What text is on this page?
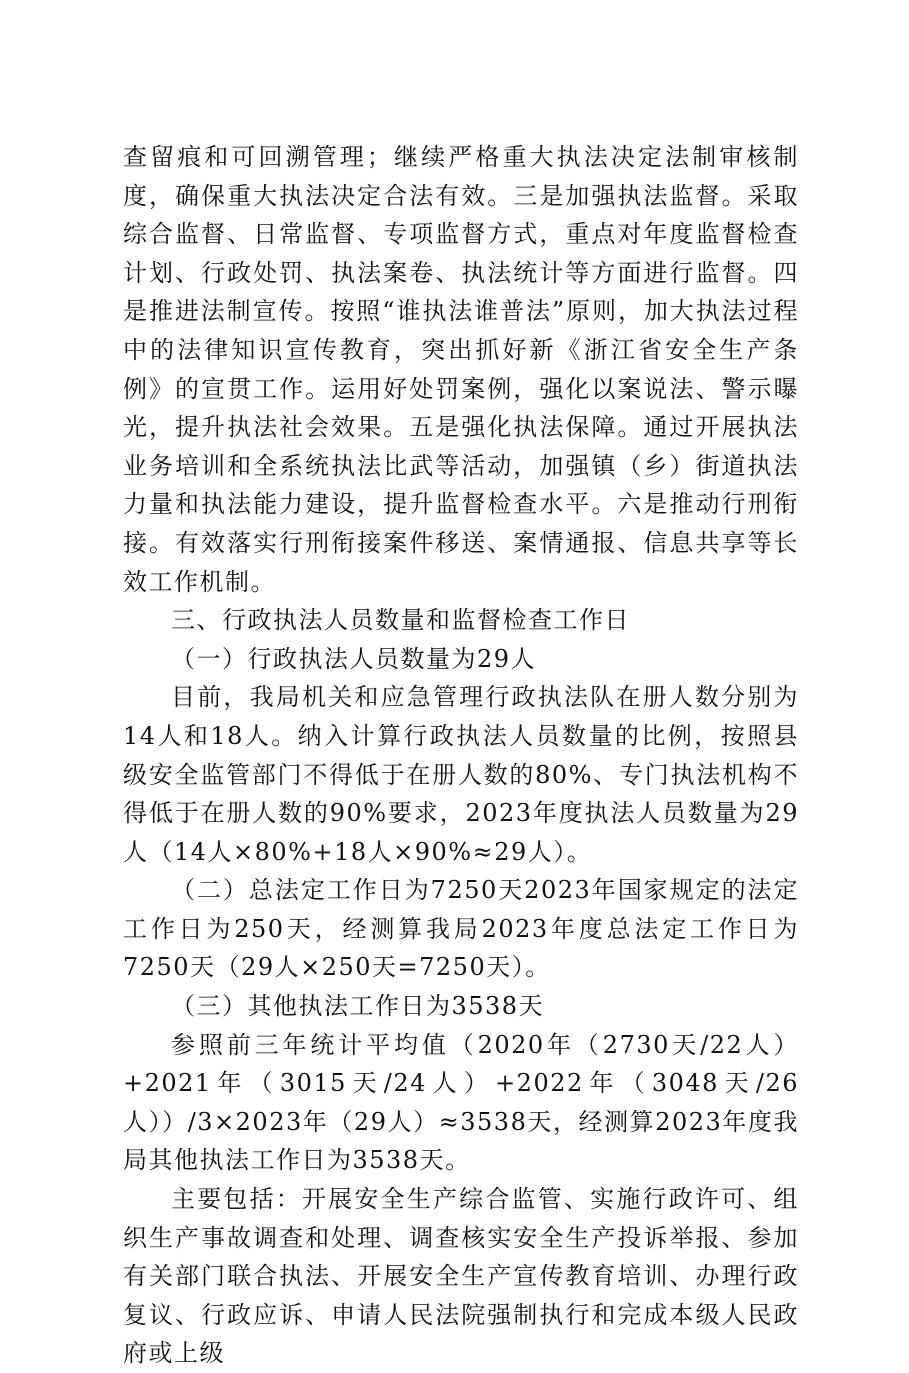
查留痕和可回溯管理；继续严格重大执法决定法制审核制度，确保重大执法决定合法有效。三是加强执法监督。采取综合监督、日常监督、专项监督方式，重点对年度监督检查计划、行政处罚、执法案卷、执法统计等方面进行监督。四是推进法制宣传。按照“谁执法谁普法”原则，加大执法过程中的法律知识宣传教育，突出抓好新《浙江省安全生产条例》的宣贯工作。运用好处罚案例，强化以案说法、警示曝光，提升执法社会效果。五是强化执法保障。通过开展执法业务培训和全系统执法比武等活动，加强镇（乡）街道执法力量和执法能力建设，提升监督检查水平。六是推动行刑衔接。有效落实行刑衔接案件移送、案情通报、信息共享等长效工作机制。

三、行政执法人员数量和监督检查工作日

（一）行政执法人员数量为29人

目前，我局机关和应急管理行政执法队在册人数分别为14人和18人。纳入计算行政执法人员数量的比例，按照县级安全监管部门不得低于在册人数的80%、专门执法机构不得低于在册人数的90%要求，2023年度执法人员数量为29人（14人×80%+18人×90%≈29人）。

（二）总法定工作日为7250天2023年国家规定的法定工作日为250天，经测算我局2023年度总法定工作日为7250天（29人×250天=7250天）。

（三）其他执法工作日为3538天

参照前三年统计平均值（2020年（2730天/22人）+2021年（3015天/24人）+2022年（3048天/26人））/3×2023年（29人）≈3538天，经测算2023年度我局其他执法工作日为3538天。

主要包括：开展安全生产综合监管、实施行政许可、组织生产事故调查和处理、调查核实安全生产投诉举报、参加有关部门联合执法、开展安全生产宣传教育培训、办理行政复议、行政应诉、申请人民法院强制执行和完成本级人民政府或上级
